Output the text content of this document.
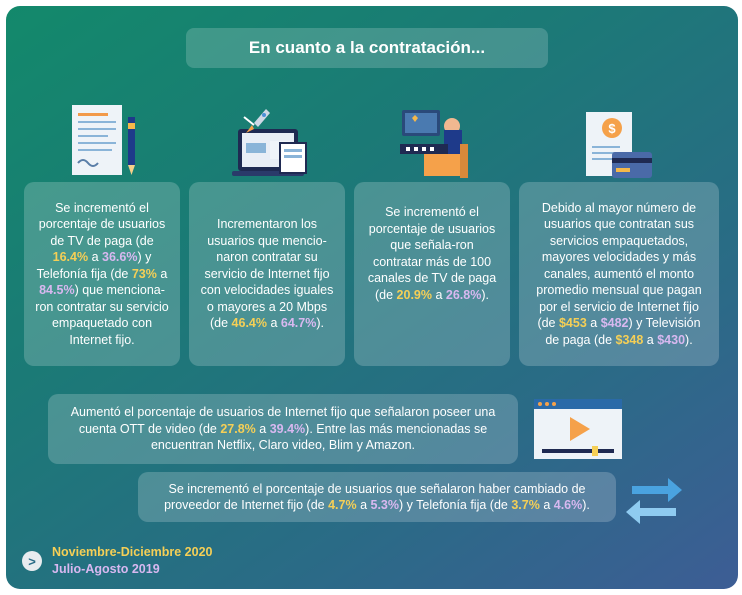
En cuanto a la contratación...
$
Se incrementó el porcentaje de usuarios de TV de paga (de 16.4% a 36.6%) y Telefonía fija (de 73% a 84.5%) que menciona-ron contratar su servicio empaquetado con Internet fijo.
Incrementaron los usuarios que mencio-naron contratar su servicio de Internet fijo con velocidades iguales o mayores a 20 Mbps (de 46.4% a 64.7%).
Se incrementó el porcentaje de usuarios que señala-ron contratar más de 100 canales de TV de paga (de 20.9% a 26.8%).
Debido al mayor número de usuarios que contratan sus servicios empaquetados, mayores velocidades y más canales, aumentó el monto promedio mensual que pagan por el servicio de Internet fijo (de $453 a $482) y Televisión de paga (de $348 a $430).
Aumentó el porcentaje de usuarios de Internet fijo que señalaron poseer una cuenta OTT de video (de 27.8% a 39.4%). Entre las más mencionadas se encuentran Netflix, Claro video, Blim y Amazon.
Se incrementó el porcentaje de usuarios que señalaron haber cambiado de proveedor de Internet fijo (de 4.7% a 5.3%) y Telefonía fija (de 3.7% a 4.6%).
>
Noviembre-Diciembre 2020
Julio-Agosto 2019
